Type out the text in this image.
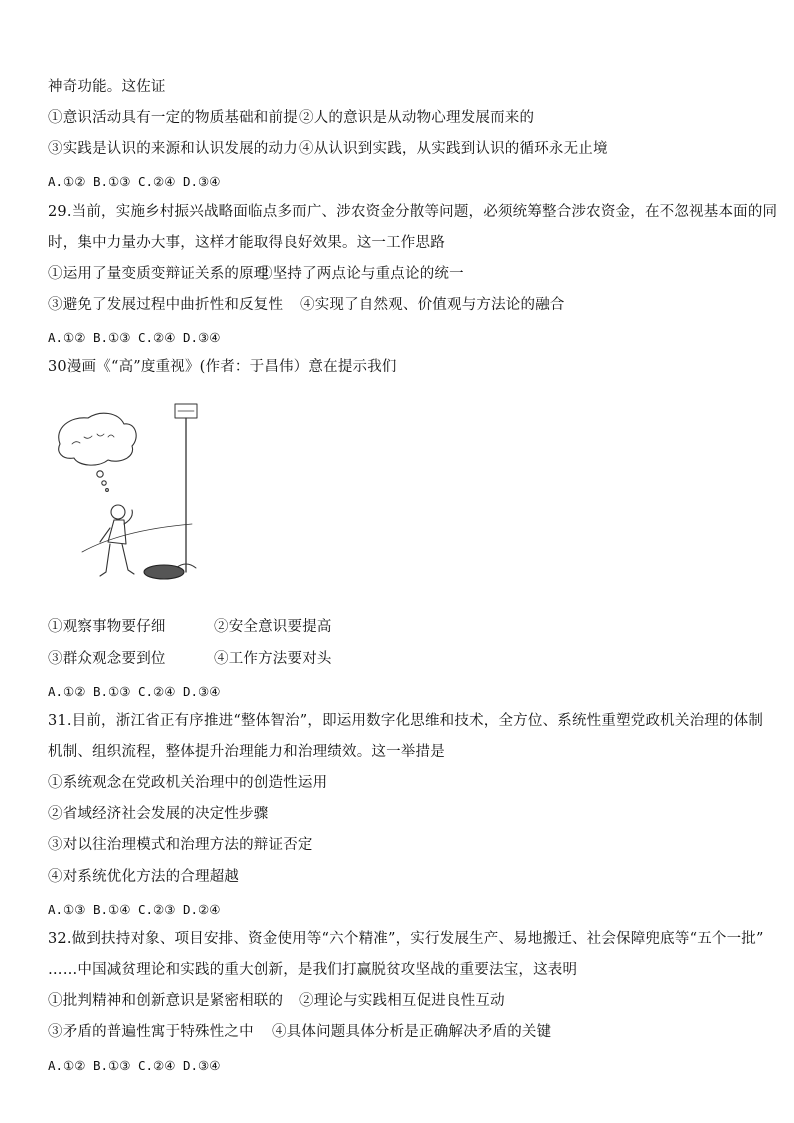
神奇功能。这佐证
①意识活动具有一定的物质基础和前提 ②人的意识是从动物心理发展而来的
③实践是认识的来源和认识发展的动力 ④从认识到实践，从实践到认识的循环永无止境
A.①② B.①③ C.②④ D.③④
29.当前，实施乡村振兴战略面临点多而广、涉农资金分散等问题，必须统筹整合涉农资金，在不忽视基本面的同
时，集中力量办大事，这样才能取得良好效果。这一工作思路
①运用了量变质变辩证关系的原理
②坚持了两点论与重点论的统一
③避免了发展过程中曲折性和反复性 ④实现了自然观、价值观与方法论的融合
A.①② B.①③ C.②④ D.③④
30漫画《“高”度重视》(作者：于昌伟）意在提示我们
①观察事物要仔细	②安全意识要提高
③群众观念要到位	④工作方法要对头
A.①② B.①③ C.②④ D.③④
31.目前，浙江省正有序推进“整体智治”，即运用数字化思维和技术，全方位、系统性重塑党政机关治理的体制
机制、组织流程，整体提升治理能力和治理绩效。这一举措是
①系统观念在党政机关治理中的创造性运用
②省域经济社会发展的决定性步骤
③对以往治理模式和治理方法的辩证否定
④对系统优化方法的合理超越
A.①③ B.①④ C.②③ D.②④
32.做到扶持对象、项目安排、资金使用等“六个精准”，实行发展生产、易地搬迁、社会保障兜底等“五个一批”
……中国减贫理论和实践的重大创新，是我们打赢脱贫攻坚战的重要法宝，这表明
①批判精神和创新意识是紧密相联的 ②理论与实践相互促进良性互动
③矛盾的普遍性寓于特殊性之中 ④具体问题具体分析是正确解决矛盾的关键
A.①② B.①③ C.②④ D.③④
